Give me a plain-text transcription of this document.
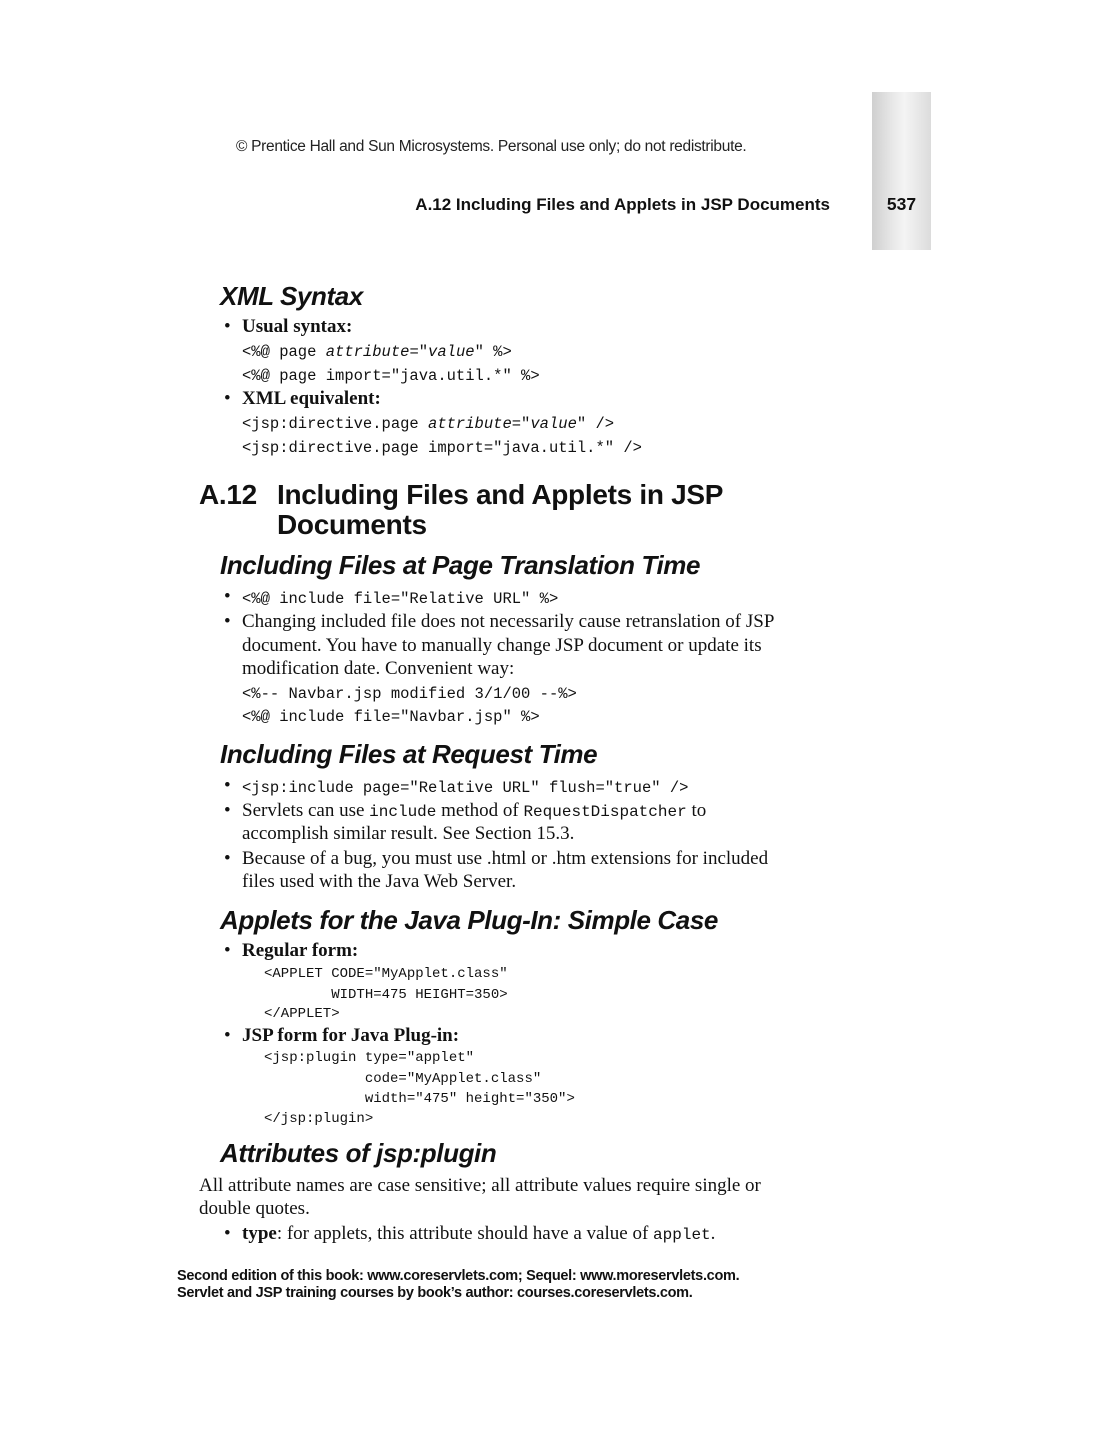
© Prentice Hall and Sun Microsystems. Personal use only; do not redistribute.
A.12 Including Files and Applets in JSP Documents	537
XML Syntax
• Usual syntax:
<%@ page attribute="value" %>
<%@ page import="java.util.*" %>
• XML equivalent:
<jsp:directive.page attribute="value" />
<jsp:directive.page import="java.util.*" />
A.12 Including Files and Applets in JSP
Documents
Including Files at Page Translation Time
• <%@ include file="Relative URL" %>
• Changing included file does not necessarily cause retranslation of JSP
document. You have to manually change JSP document or update its
modification date. Convenient way:
<%-- Navbar.jsp modified 3/1/00 --%>
<%@ include file="Navbar.jsp" %>
Including Files at Request Time
• <jsp:include page="Relative URL" flush="true" />
• Servlets can use include method of RequestDispatcher to
accomplish similar result. See Section 15.3.
• Because of a bug, you must use .html or .htm extensions for included
files used with the Java Web Server.
Applets for the Java Plug-In: Simple Case
• Regular form:
<APPLET CODE="MyApplet.class"
WIDTH=475 HEIGHT=350>
</APPLET>
• JSP form for Java Plug-in:
<jsp:plugin type="applet"
code="MyApplet.class"
width="475" height="350">
</jsp:plugin>
Attributes of jsp:plugin
All attribute names are case sensitive; all attribute values require single or
double quotes.
• type: for applets, this attribute should have a value of applet.
Second edition of this book: www.coreservlets.com; Sequel: www.moreservlets.com.
Servlet and JSP training courses by book’s author: courses.coreservlets.com.
